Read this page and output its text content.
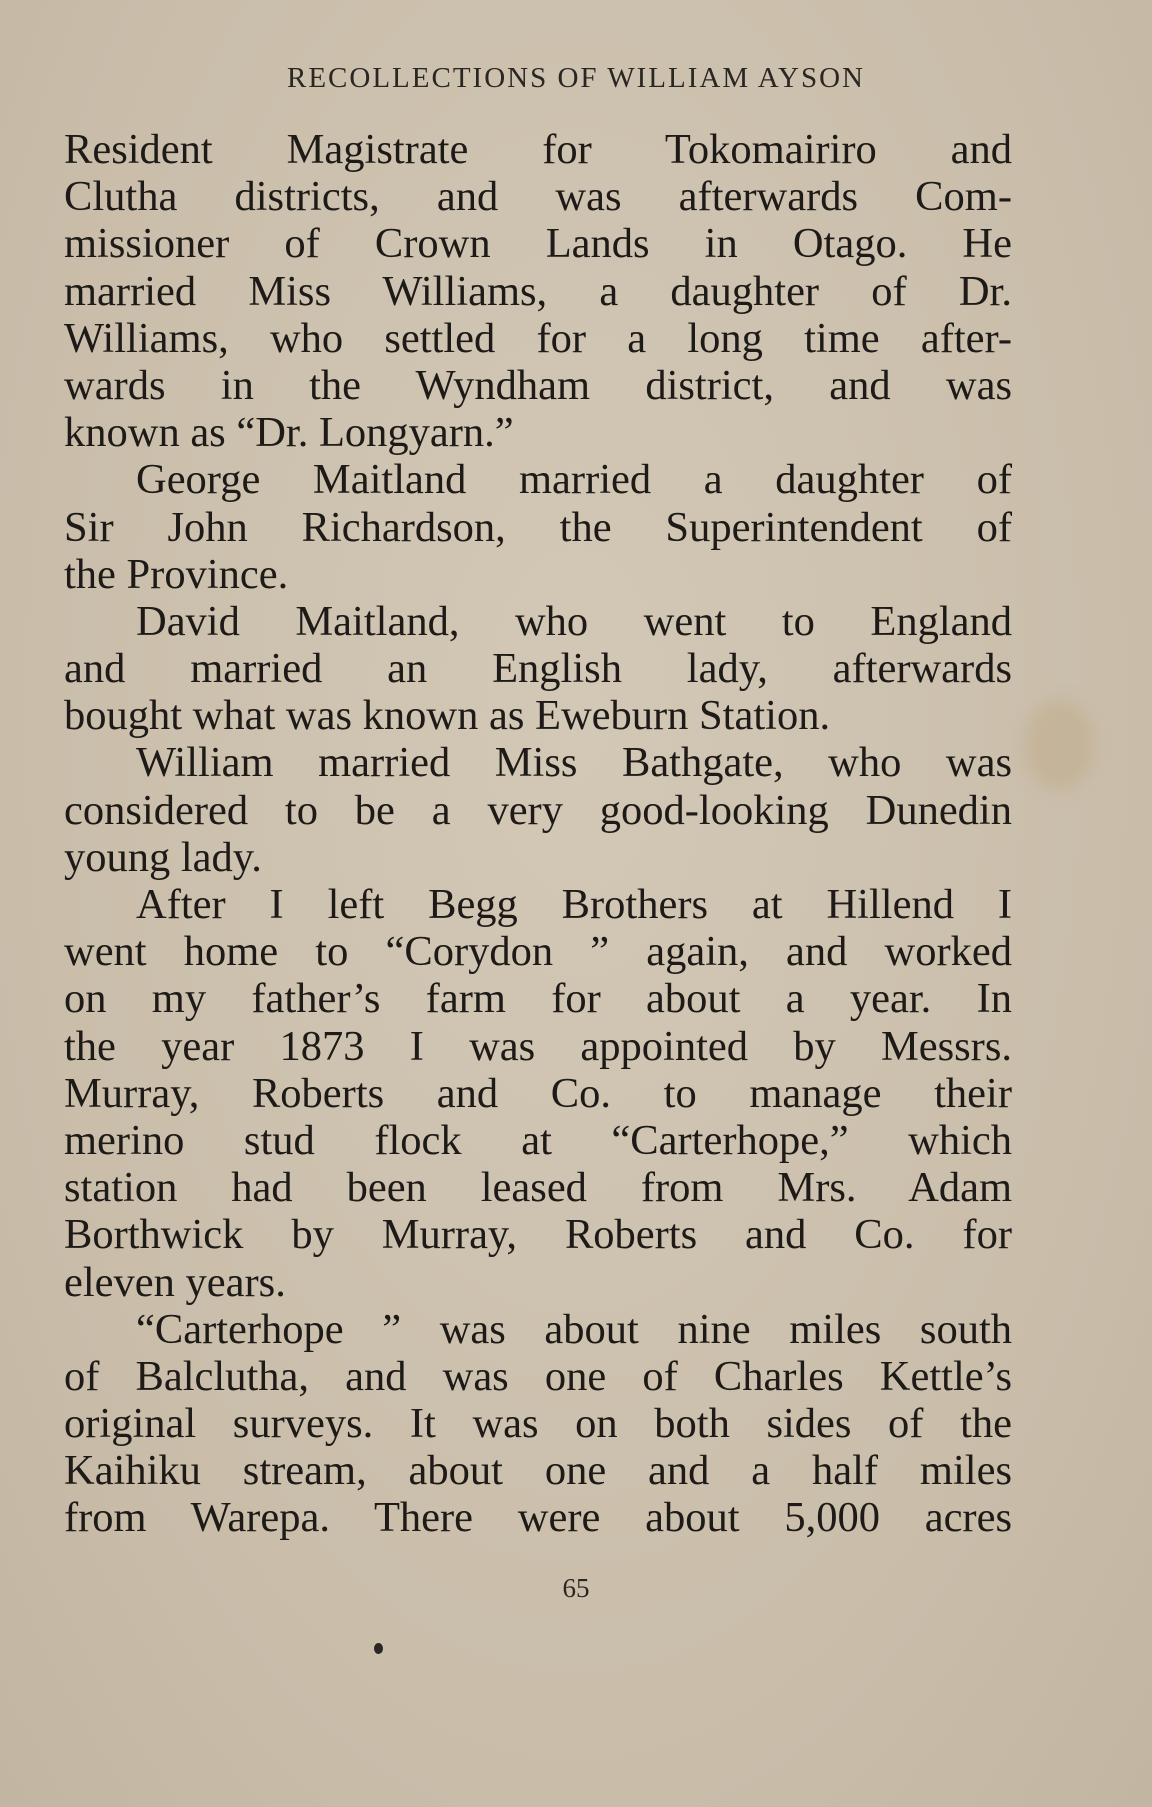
RECOLLECTIONS OF WILLIAM AYSON
Resident Magistrate for Tokomairiro and
Clutha districts, and was afterwards Com-
missioner of Crown Lands in Otago. He
married Miss Williams, a daughter of Dr.
Williams, who settled for a long time after-
wards in the Wyndham district, and was
known as “Dr. Longyarn.”
George Maitland married a daughter of
Sir John Richardson, the Superintendent of
the Province.
David Maitland, who went to England
and married an English lady, afterwards
bought what was known as Eweburn Station.
William married Miss Bathgate, who was
considered to be a very good-looking Dunedin
young lady.
After I left Begg Brothers at Hillend I
went home to “Corydon ” again, and worked
on my father’s farm for about a year. In
the year 1873 I was appointed by Messrs.
Murray, Roberts and Co. to manage their
merino stud flock at “Carterhope,” which
station had been leased from Mrs. Adam
Borthwick by Murray, Roberts and Co. for
eleven years.
“Carterhope ” was about nine miles south
of Balclutha, and was one of Charles Kettle’s
original surveys. It was on both sides of the
Kaihiku stream, about one and a half miles
from Warepa. There were about 5,000 acres
65
